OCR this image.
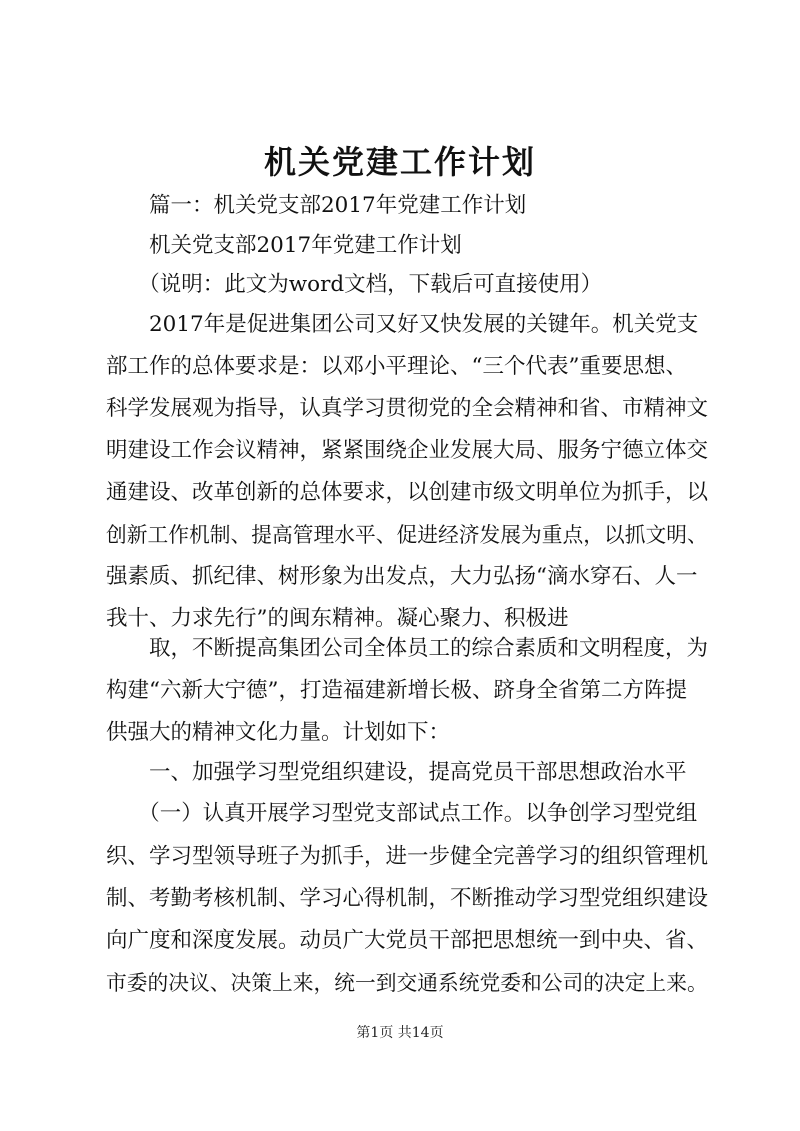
机关党建工作计划
　　篇一：机关党支部2017年党建工作计划
　　机关党支部2017年党建工作计划
　　（说明：此文为word文档，下载后可直接使用）
　　2017年是促进集团公司又好又快发展的关键年。机关党支
部工作的总体要求是：以邓小平理论、“三个代表”重要思想、
科学发展观为指导，认真学习贯彻党的全会精神和省、市精神文
明建设工作会议精神，紧紧围绕企业发展大局、服务宁德立体交
通建设、改革创新的总体要求，以创建市级文明单位为抓手，以
创新工作机制、提高管理水平、促进经济发展为重点，以抓文明、
强素质、抓纪律、树形象为出发点，大力弘扬“滴水穿石、人一
我十、力求先行”的闽东精神。凝心聚力、积极进
　　取，不断提高集团公司全体员工的综合素质和文明程度，为
构建“六新大宁德”，打造福建新增长极、跻身全省第二方阵提
供强大的精神文化力量。计划如下：
　　一、加强学习型党组织建设，提高党员干部思想政治水平
　　（一）认真开展学习型党支部试点工作。以争创学习型党组
织、学习型领导班子为抓手，进一步健全完善学习的组织管理机
制、考勤考核机制、学习心得机制，不断推动学习型党组织建设
向广度和深度发展。动员广大党员干部把思想统一到中央、省、
市委的决议、决策上来，统一到交通系统党委和公司的决定上来。
第1页 共14页
